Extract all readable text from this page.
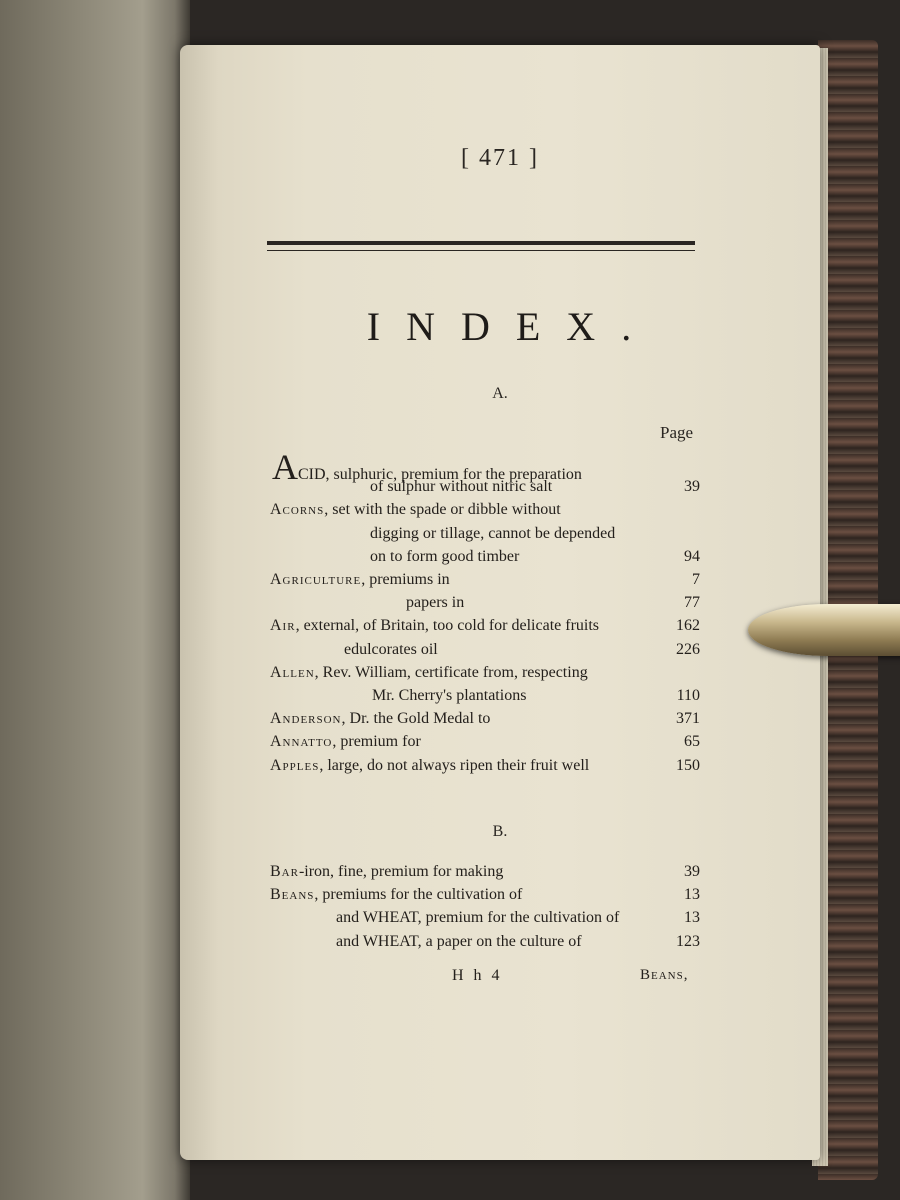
[ 471 ]
INDEX.
A.
Page
B.
ACID, sulphuric, premium for the preparation
of sulphur without nitric salt	39
Acorns, set with the spade or dibble without
digging or tillage, cannot be depended
on to form good timber	94
Agriculture, premiums in	7
papers in	77
Air, external, of Britain, too cold for delicate fruits	162
edulcorates oil	226
Allen, Rev. William, certificate from, respecting
Mr. Cherry's plantations	110
Anderson, Dr. the Gold Medal to	371
Annatto, premium for	65
Apples, large, do not always ripen their fruit well	150
Bar-iron, fine, premium for making	39
Beans, premiums for the cultivation of	13
and WHEAT, premium for the cultivation of	13
and WHEAT, a paper on the culture of	123
H h 4	Beans,
